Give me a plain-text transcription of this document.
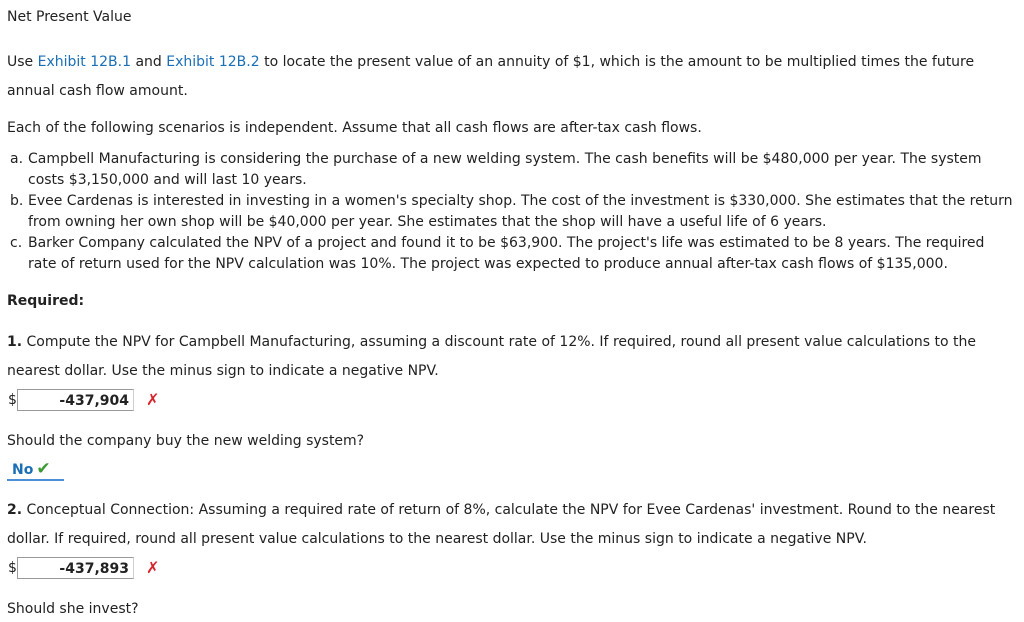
Net Present Value
Use Exhibit 12B.1 and Exhibit 12B.2 to locate the present value of an annuity of $1, which is the amount to be multiplied times the future annual cash flow amount.
Each of the following scenarios is independent. Assume that all cash flows are after-tax cash flows.
a. Campbell Manufacturing is considering the purchase of a new welding system. The cash benefits will be $480,000 per year. The system costs $3,150,000 and will last 10 years.
b. Evee Cardenas is interested in investing in a women's specialty shop. The cost of the investment is $330,000. She estimates that the return from owning her own shop will be $40,000 per year. She estimates that the shop will have a useful life of 6 years.
c. Barker Company calculated the NPV of a project and found it to be $63,900. The project's life was estimated to be 8 years. The required rate of return used for the NPV calculation was 10%. The project was expected to produce annual after-tax cash flows of $135,000.
Required:
1. Compute the NPV for Campbell Manufacturing, assuming a discount rate of 12%. If required, round all present value calculations to the nearest dollar. Use the minus sign to indicate a negative NPV.
$	-437,904	✗
Should the company buy the new welding system?
No ✔
2. Conceptual Connection: Assuming a required rate of return of 8%, calculate the NPV for Evee Cardenas' investment. Round to the nearest dollar. If required, round all present value calculations to the nearest dollar. Use the minus sign to indicate a negative NPV.
$	-437,893	✗
Should she invest?
